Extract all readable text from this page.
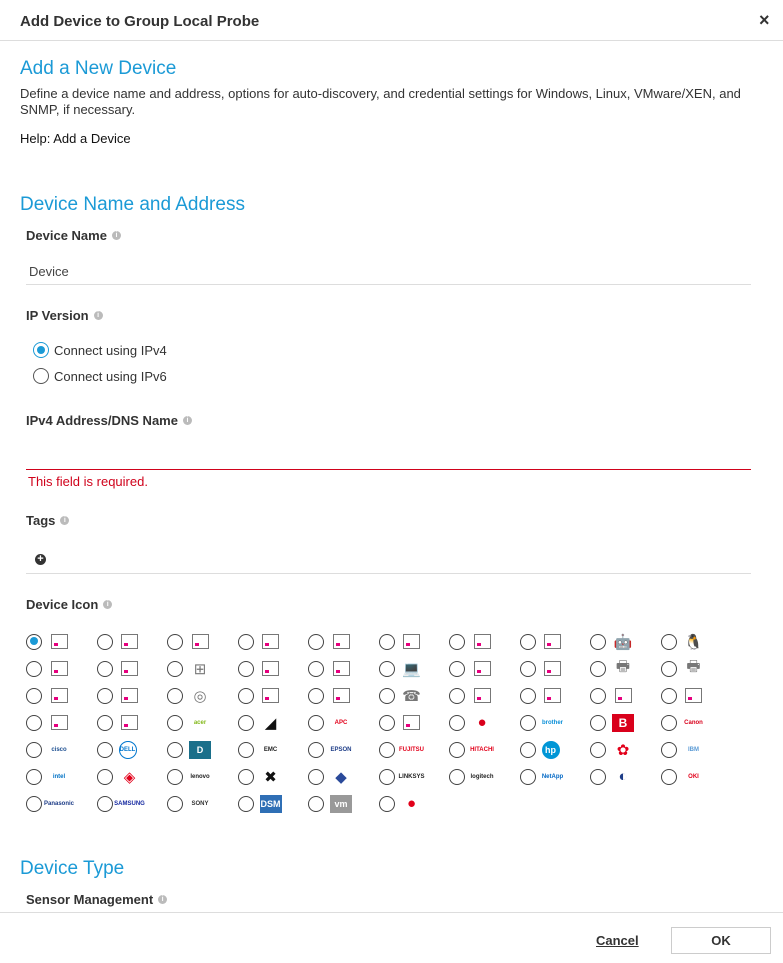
Add Device to Group Local Probe	×
Add a New Device
Define a device name and address, options for auto-discovery, and credential settings for Windows, Linux, VMware/XEN, and SNMP, if necessary.
Help: Add a Device
Device Name and Address
Device Name i
Device
IP Version i
Connect using IPv4
Connect using IPv6
IPv4 Address/DNS Name i
This field is required.
Tags i
+
Device Icon i
🤖	🐧
⊞	💻	🖶	🖶
◎	☎
acer	◢	APC	●	brother	B	Canon
cisco	DELL	D	EMC	EPSON	FUJITSU	HITACHI	hp	✿	IBM
intel	◈	lenovo	✖	◆	LINKSYS	logitech	NetApp	◐	OKI
Panasonic	SAMSUNG	SONY	DSM	vm	●
Device Type
Sensor Management i
Cancel	OK
